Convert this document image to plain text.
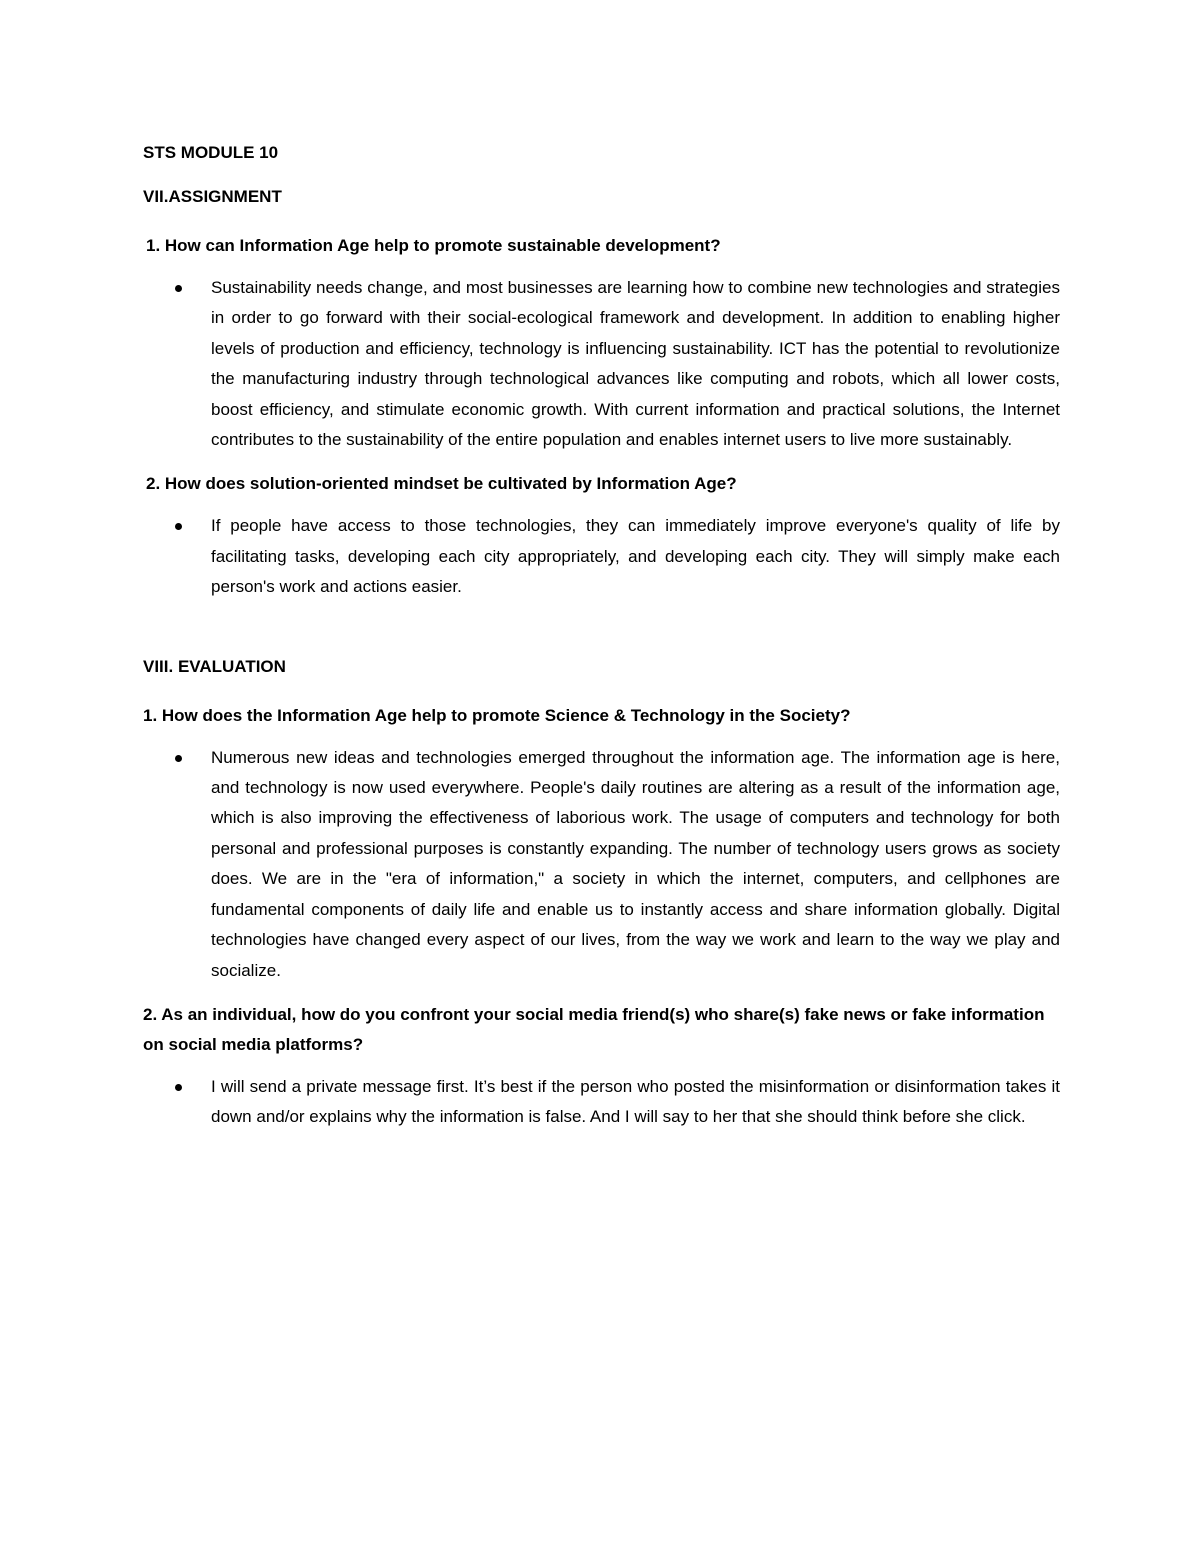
STS MODULE 10
VII.ASSIGNMENT
1. How can Information Age help to promote sustainable development?
Sustainability needs change, and most businesses are learning how to combine new technologies and strategies in order to go forward with their social-ecological framework and development. In addition to enabling higher levels of production and efficiency, technology is influencing sustainability. ICT has the potential to revolutionize the manufacturing industry through technological advances like computing and robots, which all lower costs, boost efficiency, and stimulate economic growth. With current information and practical solutions, the Internet contributes to the sustainability of the entire population and enables internet users to live more sustainably.
2. How does solution-oriented mindset be cultivated by Information Age?
If people have access to those technologies, they can immediately improve everyone's quality of life by facilitating tasks, developing each city appropriately, and developing each city. They will simply make each person's work and actions easier.
VIII. EVALUATION
1. How does the Information Age help to promote Science & Technology in the Society?
Numerous new ideas and technologies emerged throughout the information age. The information age is here, and technology is now used everywhere. People's daily routines are altering as a result of the information age, which is also improving the effectiveness of laborious work. The usage of computers and technology for both personal and professional purposes is constantly expanding. The number of technology users grows as society does. We are in the "era of information," a society in which the internet, computers, and cellphones are fundamental components of daily life and enable us to instantly access and share information globally. Digital technologies have changed every aspect of our lives, from the way we work and learn to the way we play and socialize.
2. As an individual, how do you confront your social media friend(s) who share(s) fake news or fake information on social media platforms?
I will send a private message first. It’s best if the person who posted the misinformation or disinformation takes it down and/or explains why the information is false. And I will say to her that she should think before she click.
